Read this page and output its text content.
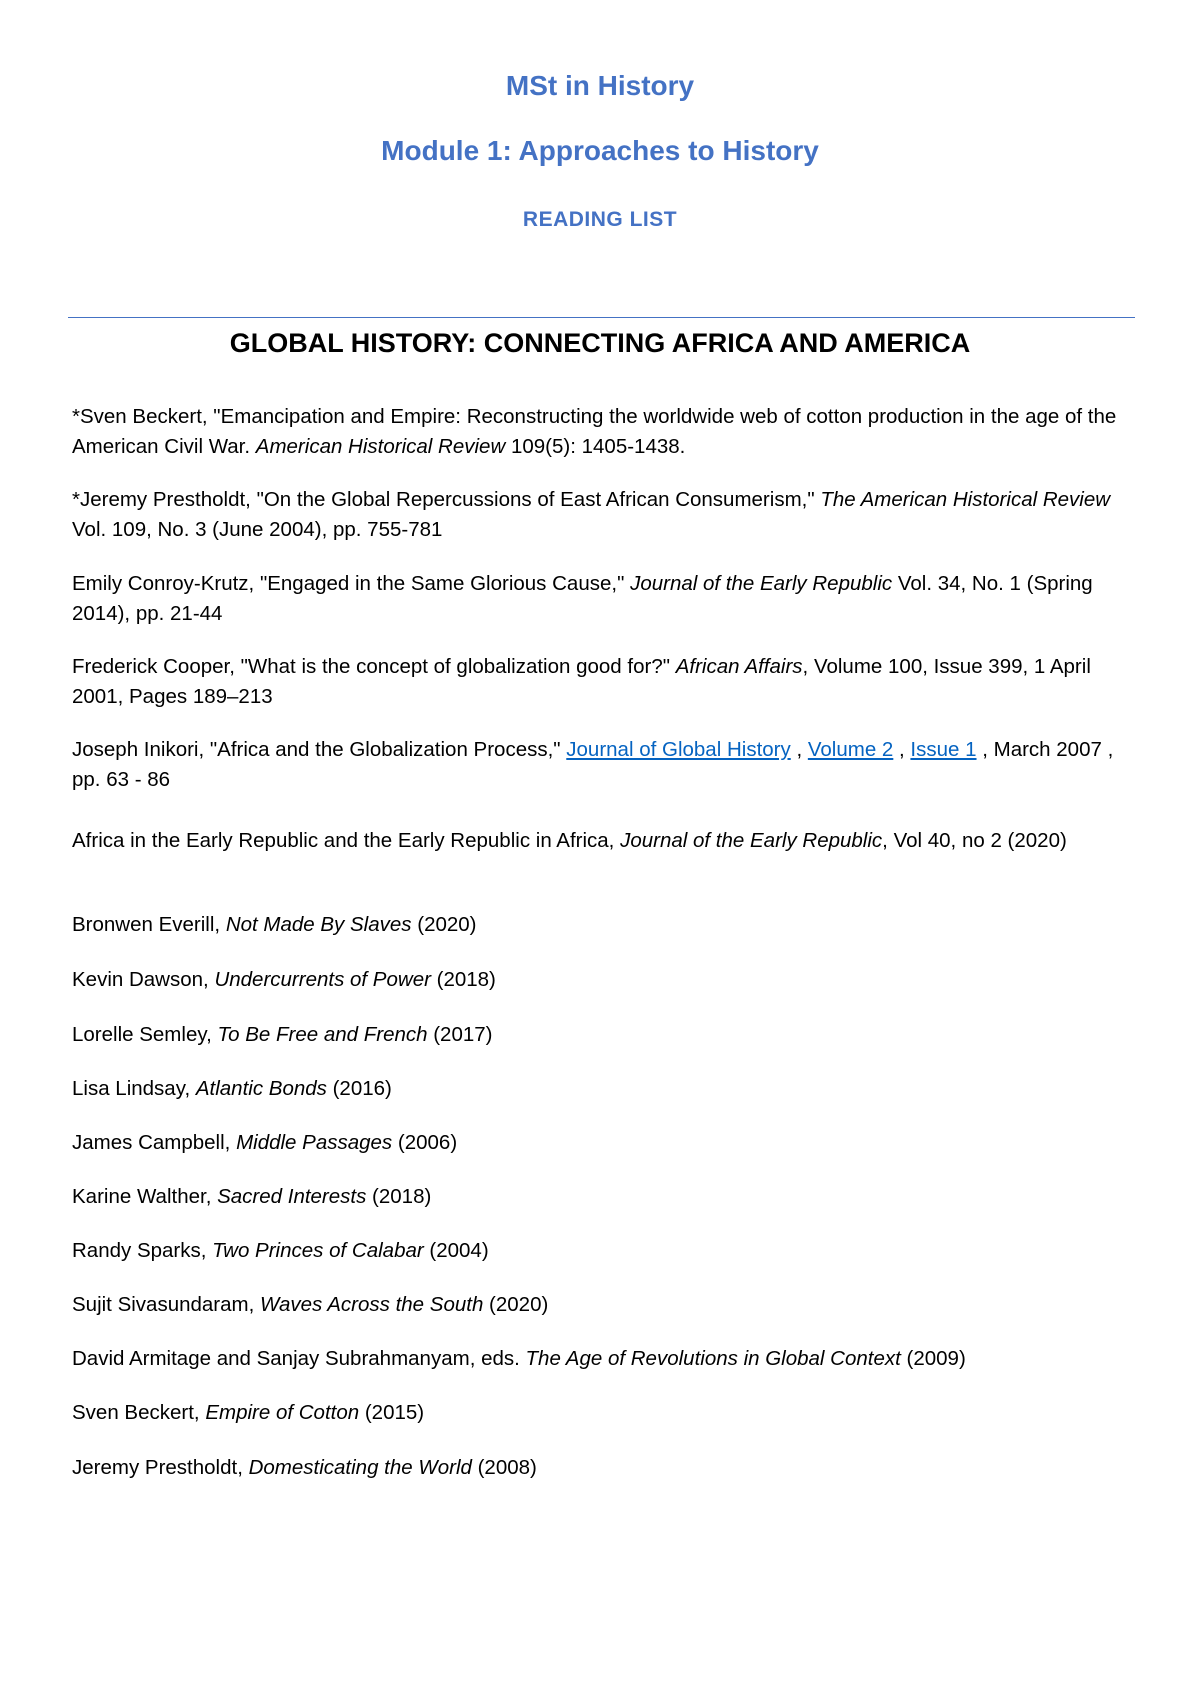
MSt in History
Module 1: Approaches to History
READING LIST
GLOBAL HISTORY: CONNECTING AFRICA AND AMERICA
*Sven Beckert, "Emancipation and Empire: Reconstructing the worldwide web of cotton production in the age of the American Civil War. American Historical Review 109(5): 1405-1438.
*Jeremy Prestholdt, "On the Global Repercussions of East African Consumerism," The American Historical Review Vol. 109, No. 3 (June 2004), pp. 755-781
Emily Conroy-Krutz, "Engaged in the Same Glorious Cause," Journal of the Early Republic Vol. 34, No. 1 (Spring 2014), pp. 21-44
Frederick Cooper, "What is the concept of globalization good for?" African Affairs, Volume 100, Issue 399, 1 April 2001, Pages 189–213
Joseph Inikori, "Africa and the Globalization Process," Journal of Global History , Volume 2 , Issue 1 , March 2007 , pp. 63 - 86
Africa in the Early Republic and the Early Republic in Africa, Journal of the Early Republic, Vol 40, no 2 (2020)
Bronwen Everill, Not Made By Slaves (2020)
Kevin Dawson, Undercurrents of Power (2018)
Lorelle Semley, To Be Free and French (2017)
Lisa Lindsay, Atlantic Bonds (2016)
James Campbell, Middle Passages (2006)
Karine Walther, Sacred Interests (2018)
Randy Sparks, Two Princes of Calabar (2004)
Sujit Sivasundaram, Waves Across the South (2020)
David Armitage and Sanjay Subrahmanyam, eds. The Age of Revolutions in Global Context (2009)
Sven Beckert, Empire of Cotton (2015)
Jeremy Prestholdt, Domesticating the World (2008)
